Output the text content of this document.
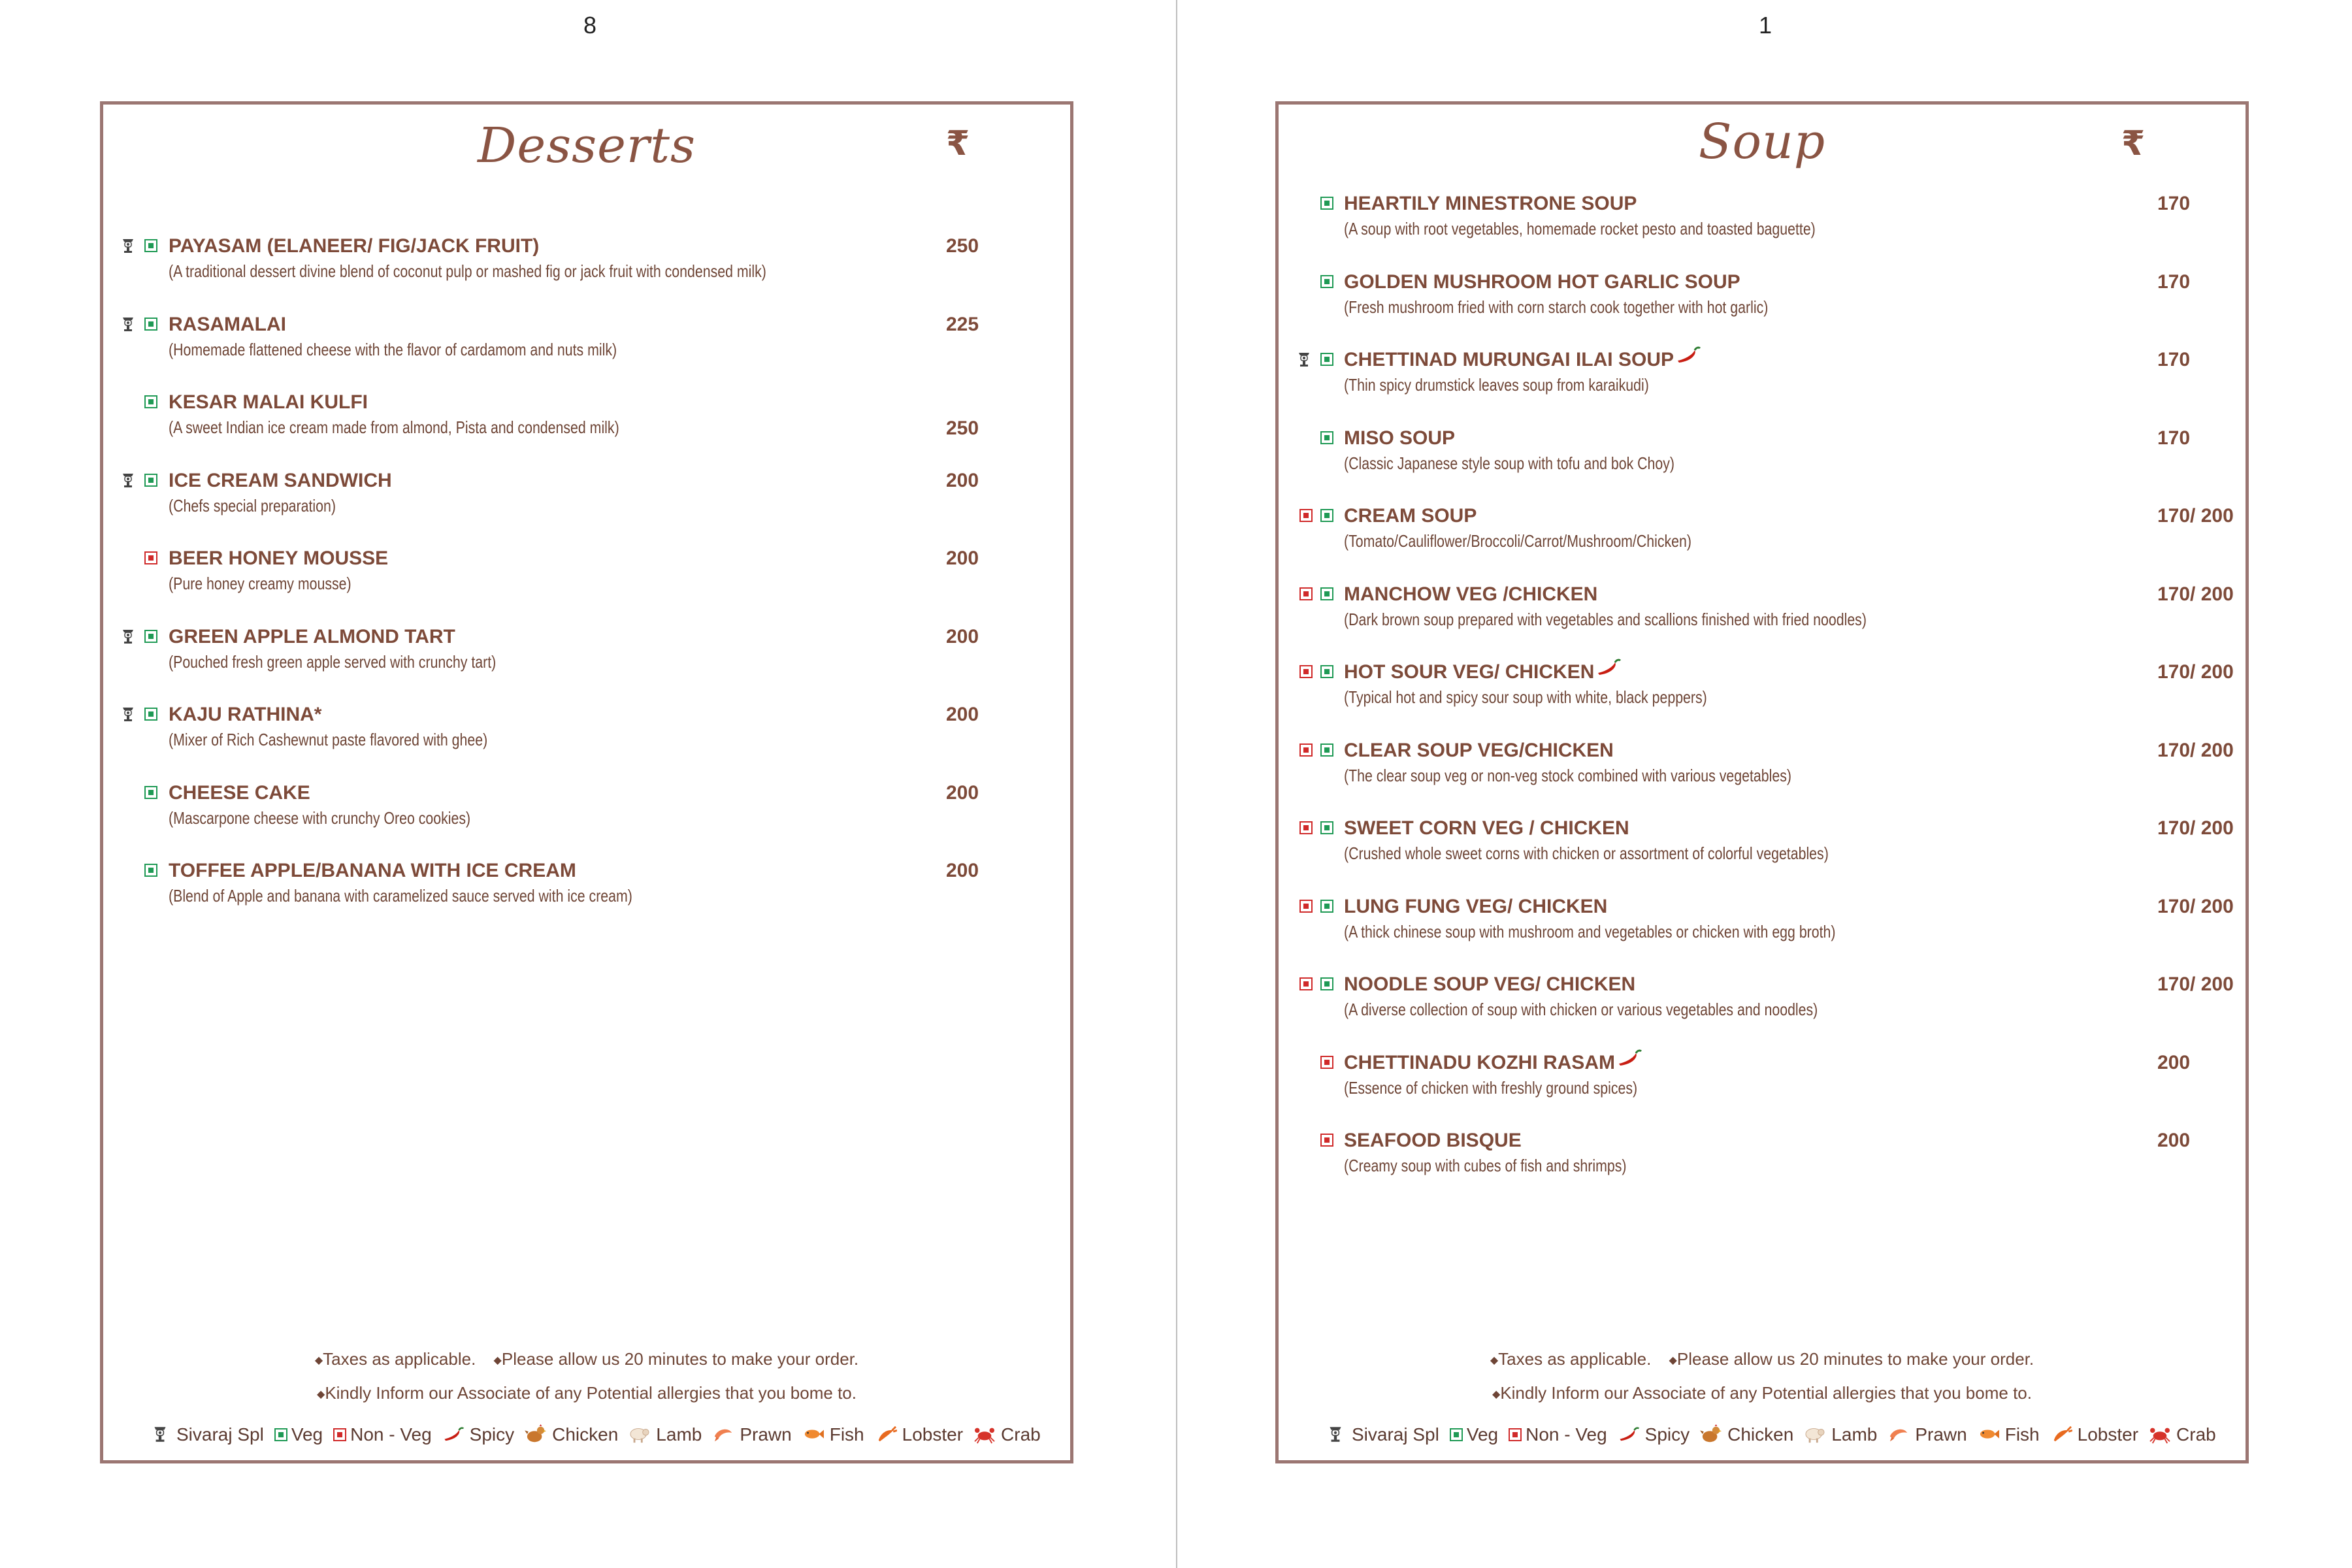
8
Desserts	₹
PAYASAM (ELANEER/ FIG/JACK FRUIT)
(A traditional dessert divine blend of coconut pulp or mashed fig or jack fruit with condensed milk)
250
RASAMALAI
(Homemade flattened cheese with the flavor of cardamom and nuts milk)
225
KESAR MALAI KULFI
(A sweet Indian ice cream made from almond, Pista and condensed milk)	250
ICE CREAM SANDWICH
(Chefs special preparation)
200
BEER HONEY MOUSSE
(Pure honey creamy mousse)
200
GREEN APPLE ALMOND TART
(Pouched fresh green apple served with crunchy tart)
200
KAJU RATHINA*
(Mixer of Rich Cashewnut paste flavored with ghee)
200
CHEESE CAKE
(Mascarpone cheese with crunchy Oreo cookies)
200
TOFFEE APPLE/BANANA WITH ICE CREAM
(Blend of Apple and banana with caramelized sauce served with ice cream)
200
◆Taxes as applicable. ◆Please allow us 20 minutes to make your order.
◆Kindly Inform our Associate of any Potential allergies that you bome to.
Sivaraj Spl Veg Non - Veg Spicy Chicken Lamb Prawn Fish Lobster Crab
1
Soup	₹
HEARTILY MINESTRONE SOUP
(A soup with root vegetables, homemade rocket pesto and toasted baguette)
170
GOLDEN MUSHROOM HOT GARLIC SOUP
(Fresh mushroom fried with corn starch cook together with hot garlic)
170
CHETTINAD MURUNGAI ILAI SOUP
(Thin spicy drumstick leaves soup from karaikudi)
170
MISO SOUP
(Classic Japanese style soup with tofu and bok Choy)
170
CREAM SOUP
(Tomato/Cauliflower/Broccoli/Carrot/Mushroom/Chicken)
170/ 200
MANCHOW VEG /CHICKEN
(Dark brown soup prepared with vegetables and scallions finished with fried noodles)
170/ 200
HOT SOUR VEG/ CHICKEN
(Typical hot and spicy sour soup with white, black peppers)
170/ 200
CLEAR SOUP VEG/CHICKEN
(The clear soup veg or non-veg stock combined with various vegetables)
170/ 200
SWEET CORN VEG / CHICKEN
(Crushed whole sweet corns with chicken or assortment of colorful vegetables)
170/ 200
LUNG FUNG VEG/ CHICKEN
(A thick chinese soup with mushroom and vegetables or chicken with egg broth)
170/ 200
NOODLE SOUP VEG/ CHICKEN
(A diverse collection of soup with chicken or various vegetables and noodles)
170/ 200
CHETTINADU KOZHI RASAM
(Essence of chicken with freshly ground spices)
200
SEAFOOD BISQUE
(Creamy soup with cubes of fish and shrimps)
200
◆Taxes as applicable. ◆Please allow us 20 minutes to make your order.
◆Kindly Inform our Associate of any Potential allergies that you bome to.
Sivaraj Spl Veg Non - Veg Spicy Chicken Lamb Prawn Fish Lobster Crab
